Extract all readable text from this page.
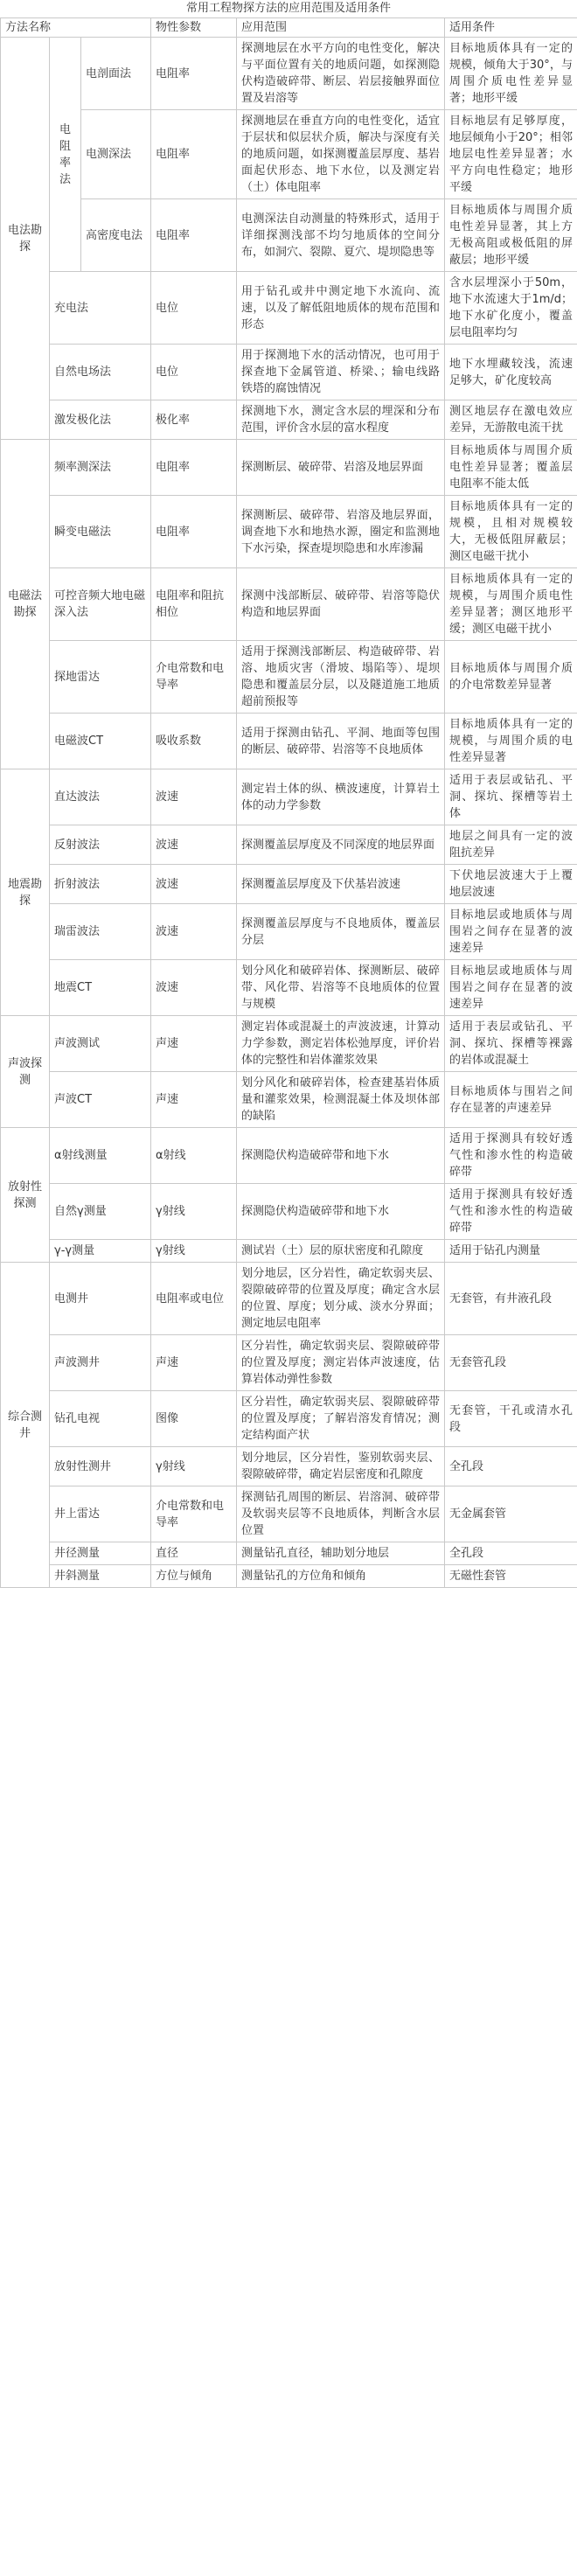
常用工程物探方法的应用范围及适用条件
方法名称			物性参数	应用范围	适用条件
电法勘探	电阻率法	电剖面法	电阻率	探测地层在水平方向的电性变化，解决与平面位置有关的地质问题，如探测隐伏构造破碎带、断层、岩层接触界面位置及岩溶等	目标地质体具有一定的规模，倾角大于30°，与周围介质电性差异显著；地形平缓
		电测深法	电阻率	探测地层在垂直方向的电性变化，适宜于层状和似层状介质，解决与深度有关的地质问题，如探测覆盖层厚度、基岩面起伏形态、地下水位，以及测定岩（土）体电阻率	目标地层有足够厚度，地层倾角小于20°；相邻地层电性差异显著；水平方向电性稳定；地形平缓
		高密度电法	电阻率	电测深法自动测量的特殊形式，适用于详细探测浅部不均匀地质体的空间分布，如洞穴、裂隙、夏穴、堤坝隐患等	目标地质体与周围介质电性差异显著，其上方无极高阻或极低阻的屏蔽层；地形平缓
	充电法		电位	用于钻孔或井中测定地下水流向、流速，以及了解低阻地质体的规布范围和形态	含水层埋深小于50m，地下水流速大于1m/d；地下水矿化度小，覆盖层电阻率均匀
	自然电场法		电位	用于探测地下水的活动情况，也可用于探查地下金属管道、桥梁、；输电线路铁塔的腐蚀情况	地下水埋藏较浅，流速足够大，矿化度较高
	激发极化法		极化率	探测地下水，测定含水层的埋深和分布范围，评价含水层的富水程度	测区地层存在激电效应差异，无游散电流干扰
电磁法勘探	频率测深法		电阻率	探测断层、破碎带、岩溶及地层界面	目标地质体与周围介质电性差异显著；覆盖层电阻率不能太低
	瞬变电磁法		电阻率	探测断层、破碎带、岩溶及地层界面，调查地下水和地热水源，圈定和监测地下水污染，探查堤坝隐患和水库渗漏	目标地质体具有一定的规模，且相对规模较大，无极低阻屏蔽层；测区电磁干扰小
	可控音频大地电磁深入法		电阻率和阻抗相位	探测中浅部断层、破碎带、岩溶等隐伏构造和地层界面	目标地质体具有一定的规模，与周围介质电性差异显著；测区地形平缓；测区电磁干扰小
	探地雷达		介电常数和电导率	适用于探测浅部断层、构造破碎带、岩溶、地质灾害（滑坡、塌陷等）、堤坝隐患和覆盖层分层，以及隧道施工地质超前预报等	目标地质体与周围介质的介电常数差异显著
	电磁波CT		吸收系数	适用于探测由钻孔、平洞、地面等包围的断层、破碎带、岩溶等不良地质体	目标地质体具有一定的规模，与周围介质的电性差异显著
地震勘探	直达波法		波速	测定岩土体的纵、横波速度，计算岩土体的动力学参数	适用于表层或钻孔、平洞、探坑、探槽等岩土体
	反射波法		波速	探测覆盖层厚度及不同深度的地层界面	地层之间具有一定的波阻抗差异
	折射波法		波速	探测覆盖层厚度及下伏基岩波速	下伏地层波速大于上覆地层波速
	瑞雷波法		波速	探测覆盖层厚度与不良地质体，覆盖层分层	目标地层或地质体与周围岩之间存在显著的波速差异
	地震CT		波速	划分风化和破碎岩体、探测断层、破碎带、风化带、岩溶等不良地质体的位置与规模	目标地层或地质体与周围岩之间存在显著的波速差异
声波探测	声波测试		声速	测定岩体或混凝土的声波波速，计算动力学参数，测定岩体松弛厚度，评价岩体的完整性和岩体灌浆效果	适用于表层或钻孔、平洞、探坑、探槽等裸露的岩体或混凝土
	声波CT		声速	划分风化和破碎岩体，检查建基岩体质量和灌浆效果，检测混凝土体及坝体部的缺陷	目标地质体与围岩之间存在显著的声速差异
放射性探测	α射线测量		α射线	探测隐伏构造破碎带和地下水	适用于探测具有较好透气性和渗水性的构造破碎带
	自然γ测量		γ射线	探测隐伏构造破碎带和地下水	适用于探测具有较好透气性和渗水性的构造破碎带
	γ-γ测量		γ射线	测试岩（土）层的原状密度和孔隙度	适用于钻孔内测量
综合测井	电测井		电阻率或电位	划分地层，区分岩性，确定软弱夹层、裂隙破碎带的位置及厚度；确定含水层的位置、厚度；划分咸、淡水分界面；测定地层电阻率	无套管，有井液孔段
	声波测井		声速	区分岩性，确定软弱夹层、裂隙破碎带的位置及厚度；测定岩体声波速度，估算岩体动弹性参数	无套管孔段
	钻孔电视		图像	区分岩性，确定软弱夹层、裂隙破碎带的位置及厚度；了解岩溶发育情况；测定结构面产状	无套管，干孔或清水孔段
	放射性测井		γ射线	划分地层，区分岩性，鉴别软弱夹层、裂隙破碎带，确定岩层密度和孔隙度	全孔段
	井上雷达		介电常数和电导率	探测钻孔周围的断层、岩溶洞、破碎带及软弱夹层等不良地质体，判断含水层位置	无金属套管
	井径测量		直径	测量钻孔直径，辅助划分地层	全孔段
	井斜测量		方位与倾角	测量钻孔的方位角和倾角	无磁性套管
